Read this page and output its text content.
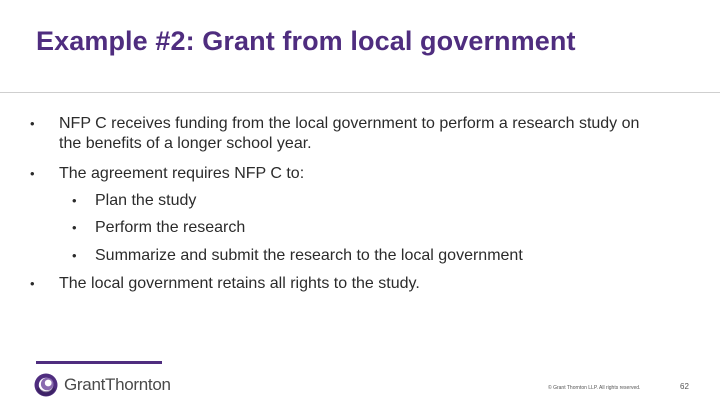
Example #2: Grant from local government
•	NFP C receives funding from the local government to perform a research study on the benefits of a longer school year.
•	The agreement requires NFP C to:
•	Plan the study
•	Perform the research
•	Summarize and submit the research to the local government
•	The local government retains all rights to the study.
GrantThornton	© Grant Thornton LLP. All rights reserved.	62
